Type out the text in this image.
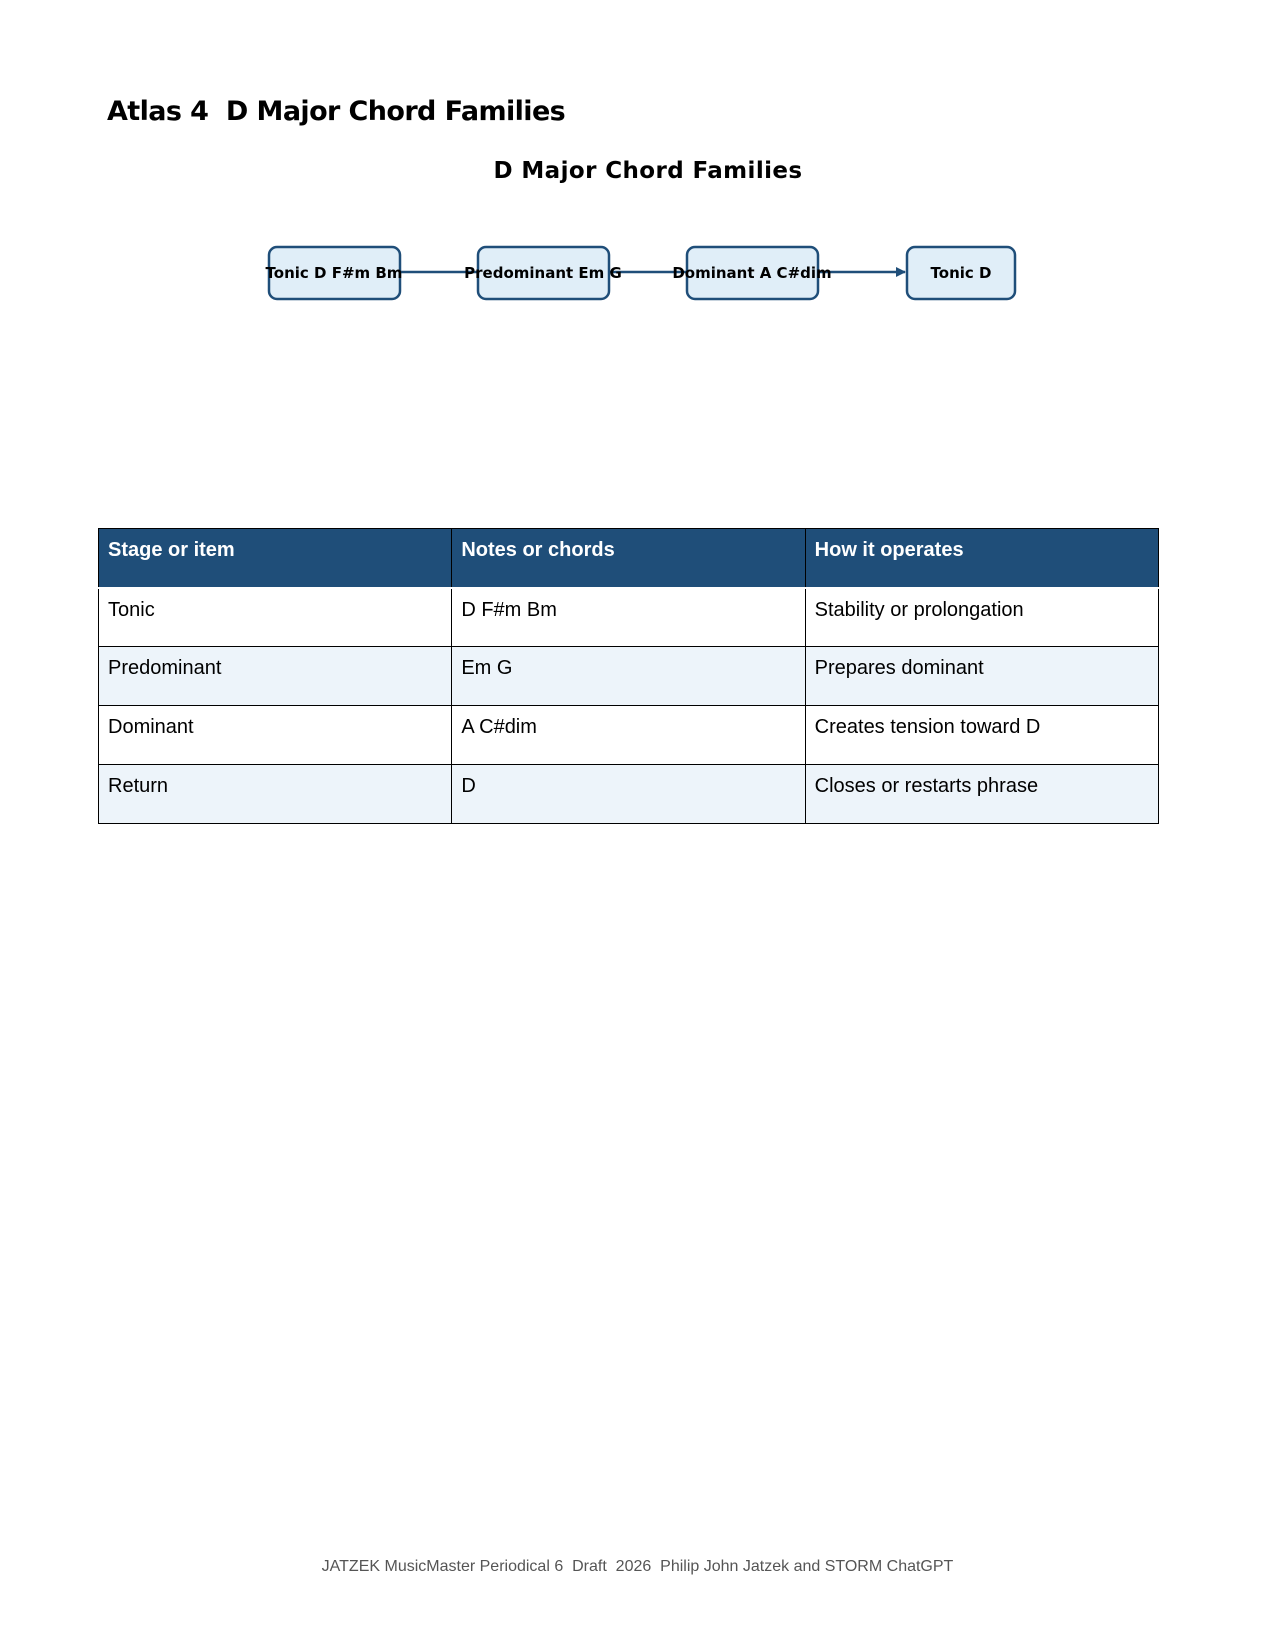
Atlas 4  D Major Chord Families
D Major Chord Families
Tonic D F#m Bm	Predominant Em G	Dominant A C#dim	Tonic D
Stage or item	Notes or chords	How it operates
Tonic	D F#m Bm	Stability or prolongation
Predominant	Em G	Prepares dominant
Dominant	A C#dim	Creates tension toward D
Return	D	Closes or restarts phrase
JATZEK MusicMaster Periodical 6  Draft  2026  Philip John Jatzek and STORM ChatGPT
